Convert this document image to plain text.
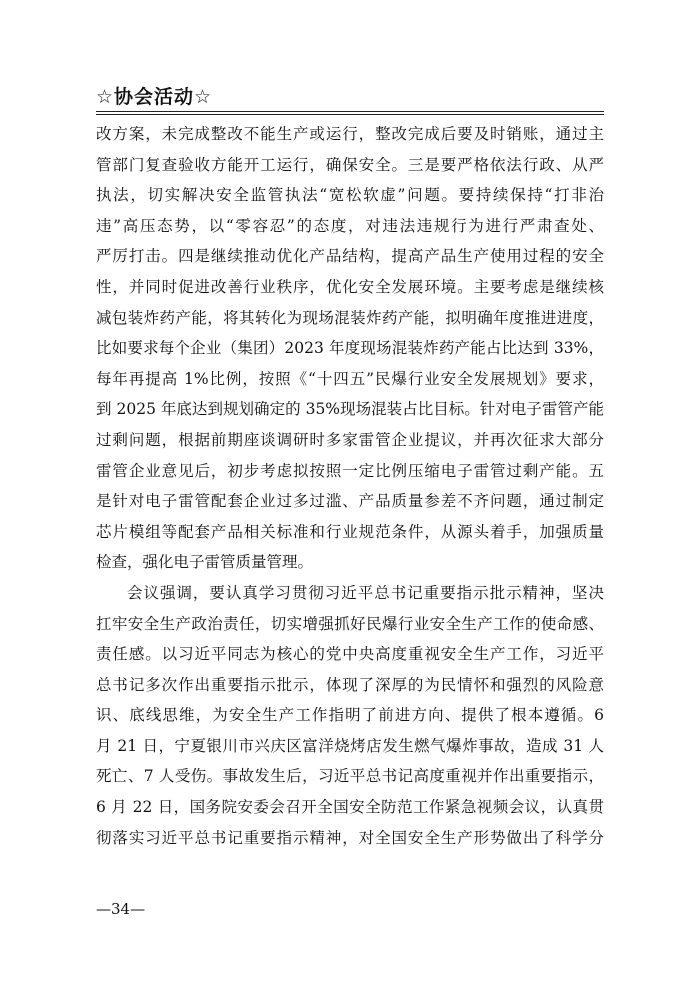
☆协会活动☆
改方案，未完成整改不能生产或运行，整改完成后要及时销账，通过主
管部门复查验收方能开工运行，确保安全。三是要严格依法行政、从严
执法，切实解决安全监管执法“宽松软虚”问题。要持续保持“打非治
违”高压态势，以“零容忍”的态度，对违法违规行为进行严肃查处、
严厉打击。四是继续推动优化产品结构，提高产品生产使用过程的安全
性，并同时促进改善行业秩序，优化安全发展环境。主要考虑是继续核
减包装炸药产能，将其转化为现场混装炸药产能，拟明确年度推进进度，
比如要求每个企业（集团）2023 年度现场混装炸药产能占比达到 33%，
每年再提高 1%比例，按照《“十四五”民爆行业安全发展规划》要求，
到 2025 年底达到规划确定的 35%现场混装占比目标。针对电子雷管产能
过剩问题，根据前期座谈调研时多家雷管企业提议，并再次征求大部分
雷管企业意见后，初步考虑拟按照一定比例压缩电子雷管过剩产能。五
是针对电子雷管配套企业过多过滥、产品质量参差不齐问题，通过制定
芯片模组等配套产品相关标准和行业规范条件，从源头着手，加强质量
检查，强化电子雷管质量管理。
会议强调，要认真学习贯彻习近平总书记重要指示批示精神，坚决
扛牢安全生产政治责任，切实增强抓好民爆行业安全生产工作的使命感、
责任感。以习近平同志为核心的党中央高度重视安全生产工作，习近平
总书记多次作出重要指示批示，体现了深厚的为民情怀和强烈的风险意
识、底线思维，为安全生产工作指明了前进方向、提供了根本遵循。6
月 21 日，宁夏银川市兴庆区富洋烧烤店发生燃气爆炸事故，造成 31 人
死亡、7 人受伤。事故发生后，习近平总书记高度重视并作出重要指示，
6 月 22 日，国务院安委会召开全国安全防范工作紧急视频会议，认真贯
彻落实习近平总书记重要指示精神，对全国安全生产形势做出了科学分
—34—
